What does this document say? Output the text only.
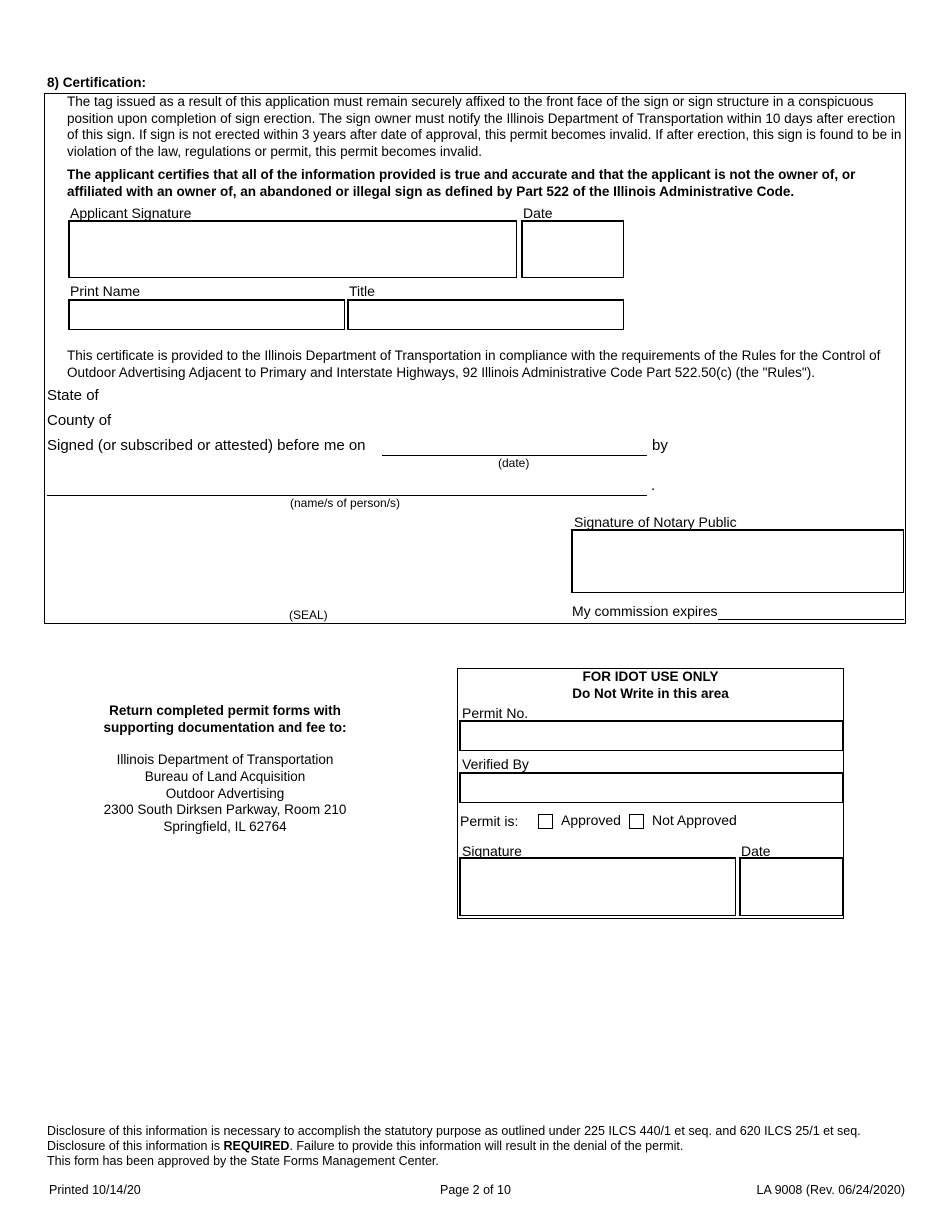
8) Certification:
The tag issued as a result of this application must remain securely affixed to the front face of the sign or sign structure in a conspicuous position upon completion of sign erection. The sign owner must notify the Illinois Department of Transportation within 10 days after erection of this sign. If sign is not erected within 3 years after date of approval, this permit becomes invalid. If after erection, this sign is found to be in violation of the law, regulations or permit, this permit becomes invalid.
The applicant certifies that all of the information provided is true and accurate and that the applicant is not the owner of, or affiliated with an owner of, an abandoned or illegal sign as defined by Part 522 of the Illinois Administrative Code.
Applicant Signature	Date
Print Name	Title
This certificate is provided to the Illinois Department of Transportation in compliance with the requirements of the Rules for the Control of Outdoor Advertising Adjacent to Primary and Interstate Highways, 92 Illinois Administrative Code Part 522.50(c) (the "Rules").
State of
County of
Signed (or subscribed or attested) before me on	by
(date)
.
(name/s of person/s)
Signature of Notary Public
(SEAL)	My commission expires
Return completed permit forms with
supporting documentation and fee to:
Illinois Department of Transportation
Bureau of Land Acquisition
Outdoor Advertising
2300 South Dirksen Parkway, Room 210
Springfield, IL 62764
FOR IDOT USE ONLY
Do Not Write in this area
Permit No.
Verified By
Permit is:	Approved Not Approved
Signature	Date
Disclosure of this information is necessary to accomplish the statutory purpose as outlined under 225 ILCS 440/1 et seq. and 620 ILCS 25/1 et seq.
Disclosure of this information is REQUIRED. Failure to provide this information will result in the denial of the permit.
This form has been approved by the State Forms Management Center.
Printed 10/14/20	Page 2 of 10	LA 9008 (Rev. 06/24/2020)
